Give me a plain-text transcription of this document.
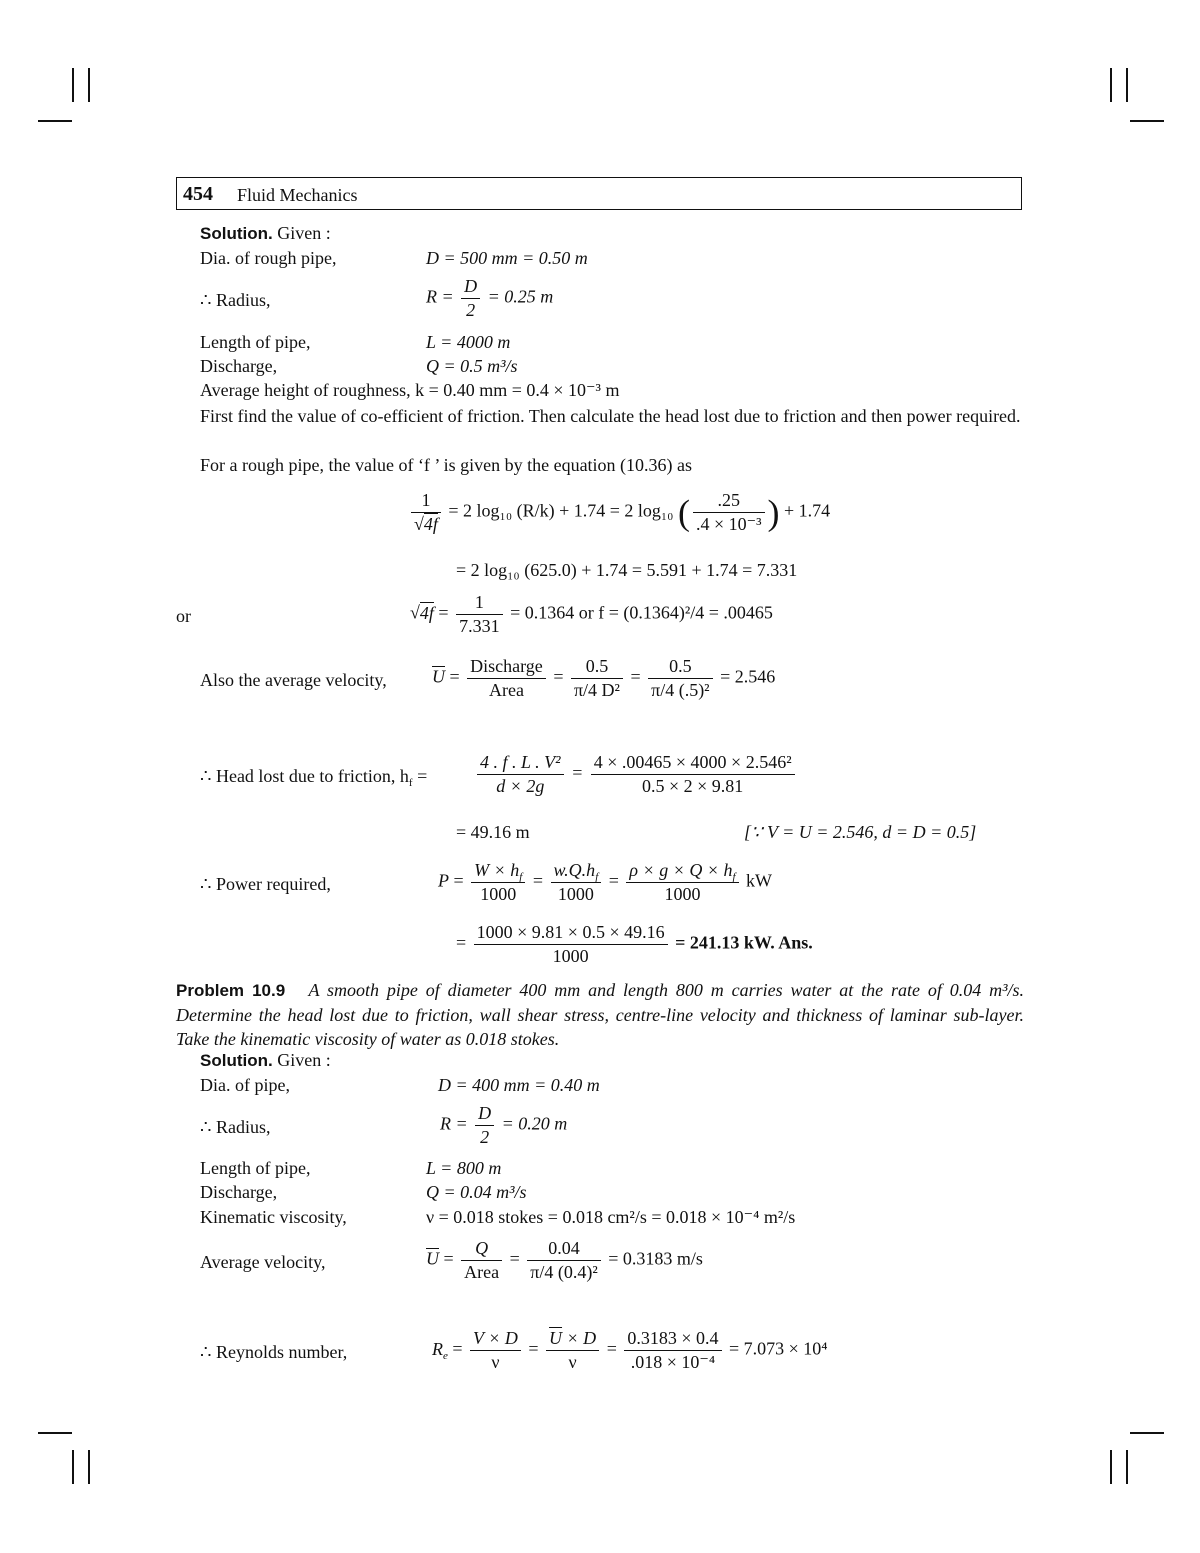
454 Fluid Mechanics
Solution. Given :
Dia. of rough pipe,	D = 500 mm = 0.50 m
∴ Radius,	$R = \frac{D}{2} = 0.25$ m
Length of pipe,	L = 4000 m
Discharge,	Q = 0.5 m³/s
Average height of roughness, k = 0.40 mm = 0.4 × 10⁻³ m
First find the value of co-efficient of friction. Then calculate the head lost due to friction and then power required.
For a rough pipe, the value of ‘f ’ is given by the equation (10.36) as
$\frac{1}{√4f} = 2$ log₁₀ (R/k) + 1.74 = 2 log₁₀ ( $\frac{.25}{\text{.4 × 10⁻³}}$ ) + 1.74
= 2 log₁₀ (625.0) + 1.74 = 5.591 + 1.74 = 7.331
or	$√4f = \frac{1}{7.331} = 0.1364$ or f = (0.1364)²/4 = .00465
Also the average velocity,	$\overline{U} = \frac{\text{Discharge}}{\text{Area}} = \frac{0.5}{\text{π/4 D²}} = \frac{0.5}{\text{π/4 (.5)²}} = 2.546$
∴ Head lost due to friction, $h_f$ =	$\frac{\text{4 . f . L . V²}}{d \times 2g} = \frac{\text{4 × .00465 × 4000 × 2.546²}}{0.5 \times 2 \times 9.81}$
= 49.16 m	[∵ V = U = 2.546, d = D = 0.5]
∴ Power required,	$P = \frac{W \times h_f}{1000} = \frac{w.Q.h_f}{1000} = \frac{\rho \times g \times Q \times h_f}{1000}$ kW
= $\frac{1000 \times 9.81 \times 0.5 \times 49.16}{1000} = 241.13$ kW. Ans.
Problem 10.9 A smooth pipe of diameter 400 mm and length 800 m carries water at the rate of 0.04 m³/s. Determine the head lost due to friction, wall shear stress, centre-line velocity and thickness of laminar sub-layer. Take the kinematic viscosity of water as 0.018 stokes.
Solution. Given :
Dia. of pipe,	D = 400 mm = 0.40 m
∴ Radius,	$R = \frac{D}{2} = 0.20$ m
Length of pipe,	L = 800 m
Discharge,	Q = 0.04 m³/s
Kinematic viscosity,	ν = 0.018 stokes = 0.018 cm²/s = 0.018 × 10⁻⁴ m²/s
Average velocity,	$\overline{U} = \frac{Q}{\text{Area}} = \frac{0.04}{\text{π/4 (0.4)²}} = 0.3183$ m/s
∴ Reynolds number,	$R_e = \frac{V \times D}{\nu} = \frac{\overline{U} \times D}{\nu} = \frac{0.3183 \times 0.4}{\text{.018 × 10⁻⁴}} = 7.073 \times 10^4$
